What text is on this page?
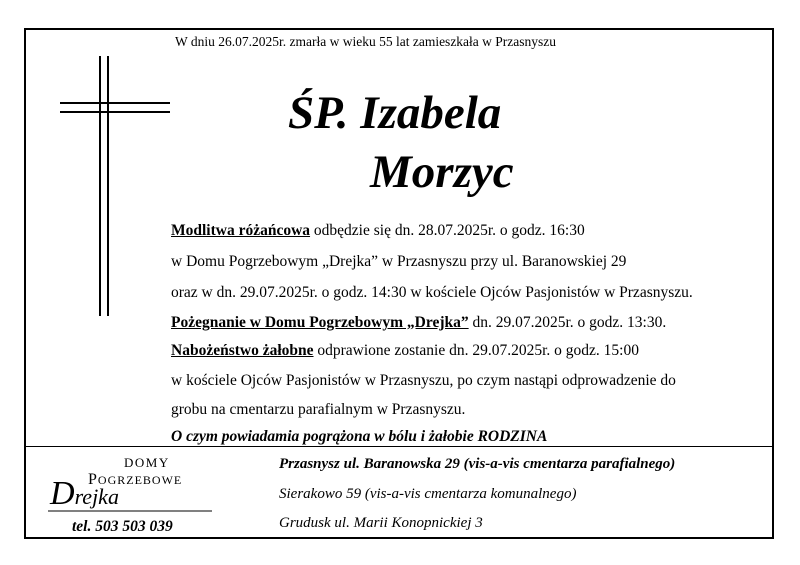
W dniu 26.07.2025r. zmarła w wieku 55 lat zamieszkała w Przasnyszu
ŚP. Izabela
Morzyc
Modlitwa różańcowa odbędzie się dn. 28.07.2025r. o godz. 16:30
w Domu Pogrzebowym „Drejka” w Przasnyszu przy ul. Baranowskiej 29
oraz w dn. 29.07.2025r. o godz. 14:30 w kościele Ojców Pasjonistów w Przasnyszu.
Pożegnanie w Domu Pogrzebowym „Drejka” dn. 29.07.2025r. o godz. 13:30.
Nabożeństwo żałobne odprawione zostanie dn. 29.07.2025r. o godz. 15:00
w kościele Ojców Pasjonistów w Przasnyszu, po czym nastąpi odprowadzenie do
grobu na cmentarzu parafialnym w Przasnyszu.
O czym powiadamia pogrążona w bólu i żałobie RODZINA
DOMY
POGRZEBOWE
Drejka
tel. 503 503 039
Przasnysz ul. Baranowska 29 (vis-a-vis cmentarza parafialnego)
Sierakowo 59 (vis-a-vis cmentarza komunalnego)
Grudusk ul. Marii Konopnickiej 3
